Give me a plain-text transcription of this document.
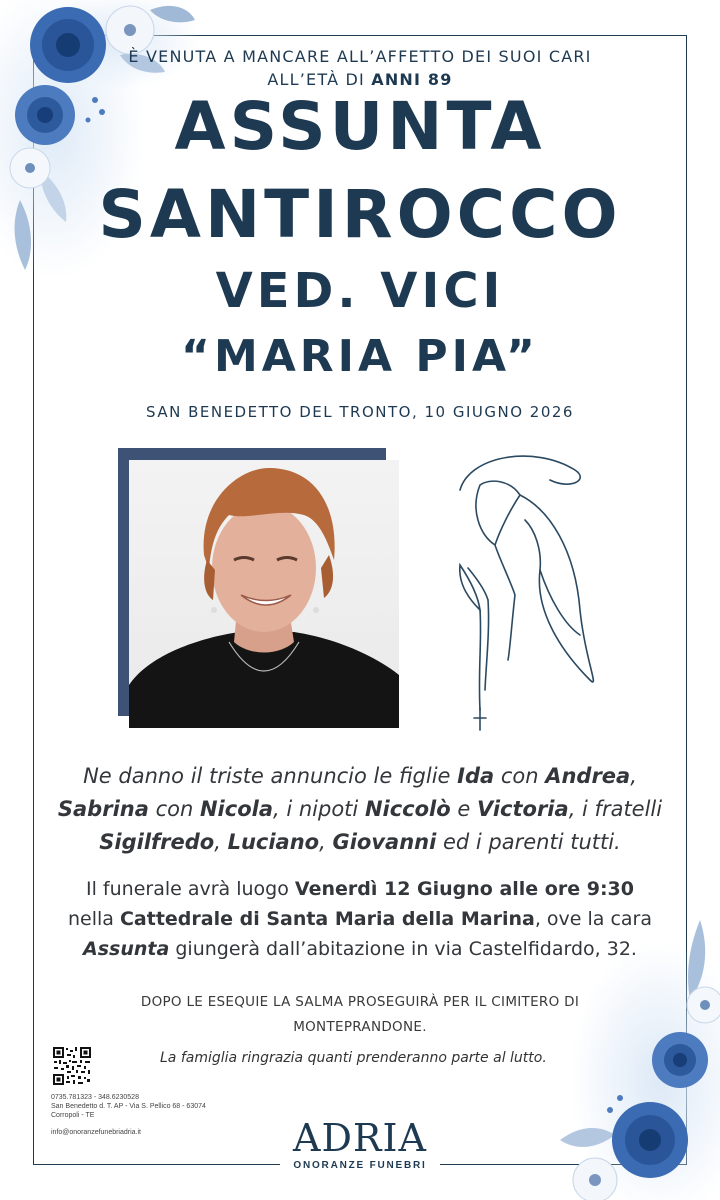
È VENUTA A MANCARE ALL’AFFETTO DEI SUOI CARI
ALL’ETÀ DI ANNI 89
ASSUNTA
SANTIROCCO
VED. VICI
“MARIA PIA”
SAN BENEDETTO DEL TRONTO, 10 GIUGNO 2026
Ne danno il triste annuncio le figlie Ida con Andrea,
Sabrina con Nicola, i nipoti Niccolò e Victoria, i fratelli
Sigilfredo, Luciano, Giovanni ed i parenti tutti.
Il funerale avrà luogo Venerdì 12 Giugno alle ore 9:30
nella Cattedrale di Santa Maria della Marina, ove la cara
Assunta giungerà dall’abitazione in via Castelfidardo, 32.
DOPO LE ESEQUIE LA SALMA PROSEGUIRÀ PER IL CIMITERO DI
MONTEPRANDONE.
La famiglia ringrazia quanti prenderanno parte al lutto.
0735.781323 - 348.6230528
San Benedetto d. T. AP - Via S. Pellico 68 - 63074
Corropoli - TE
info@onoranzefunebriadria.it	ADRIA
ONORANZE FUNEBRI
